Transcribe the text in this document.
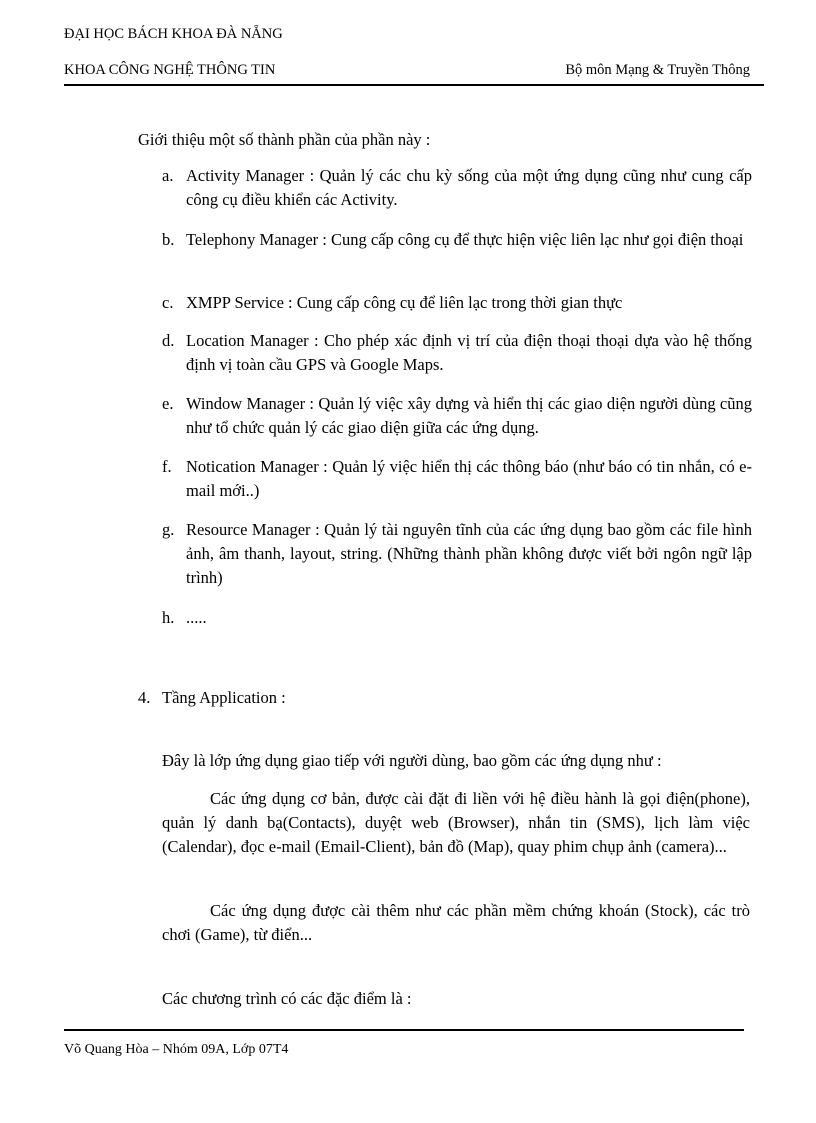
ĐẠI HỌC BÁCH KHOA ĐÀ NẴNG
KHOA CÔNG NGHỆ THÔNG TIN	Bộ môn Mạng & Truyền Thông
Giới thiệu một số thành phần của phần này :
a. Activity Manager : Quản lý các chu kỳ sống của một ứng dụng cũng như cung cấp công cụ điều khiển các Activity.
b. Telephony Manager : Cung cấp công cụ để thực hiện việc liên lạc như gọi điện thoại
c. XMPP Service : Cung cấp công cụ để liên lạc trong thời gian thực
d. Location Manager : Cho phép xác định vị trí của điện thoại thoại dựa vào hệ thống định vị toàn cầu GPS và Google Maps.
e. Window Manager : Quản lý việc xây dựng và hiển thị các giao diện người dùng cũng như tổ chức quản lý các giao diện giữa các ứng dụng.
f. Notication Manager : Quản lý việc hiển thị các thông báo (như báo có tin nhắn, có e-mail mới..)
g. Resource Manager : Quản lý tài nguyên tĩnh của các ứng dụng bao gồm các file hình ảnh, âm thanh, layout, string. (Những thành phần không được viết bởi ngôn ngữ lập trình)
h. .....
4. Tầng Application :
Đây là lớp ứng dụng giao tiếp với người dùng, bao gồm các ứng dụng như :
Các ứng dụng cơ bản, được cài đặt đi liền với hệ điều hành là gọi điện(phone), quản lý danh bạ(Contacts), duyệt web (Browser), nhắn tin (SMS), lịch làm việc (Calendar), đọc e-mail (Email-Client), bản đồ (Map), quay phim chụp ảnh (camera)...
Các ứng dụng được cài thêm như các phần mềm chứng khoán (Stock), các trò chơi (Game), từ điển...
Các chương trình có các đặc điểm là :
Võ Quang Hòa – Nhóm 09A, Lớp 07T4
